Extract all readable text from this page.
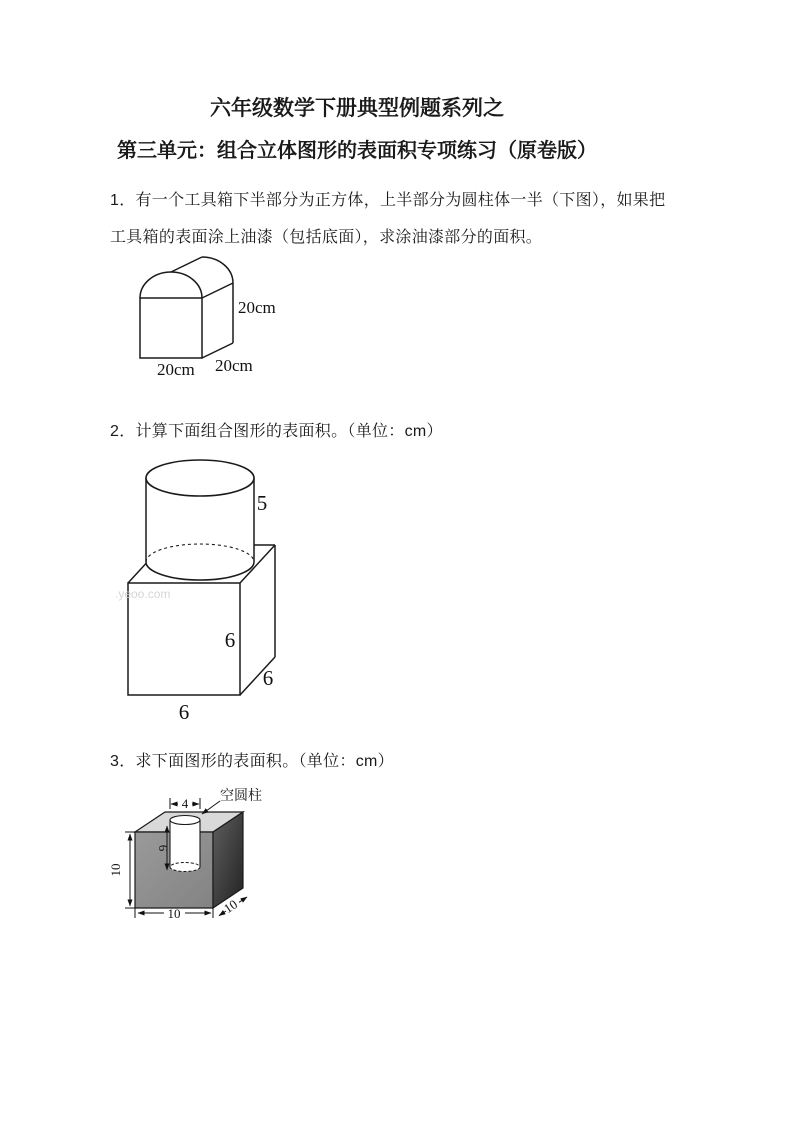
六年级数学下册典型例题系列之
第三单元：组合立体图形的表面积专项练习（原卷版）
1．有一个工具箱下半部分为正方体，上半部分为圆柱体一半（下图），如果把
工具箱的表面涂上油漆（包括底面），求涂油漆部分的面积。
20cm
20cm
20cm
2．计算下面组合图形的表面积。（单位：cm）
.yeoo.com
5
6
6
6
3．求下面图形的表面积。（单位：cm）
4
6
10
10	10
空圆柱
